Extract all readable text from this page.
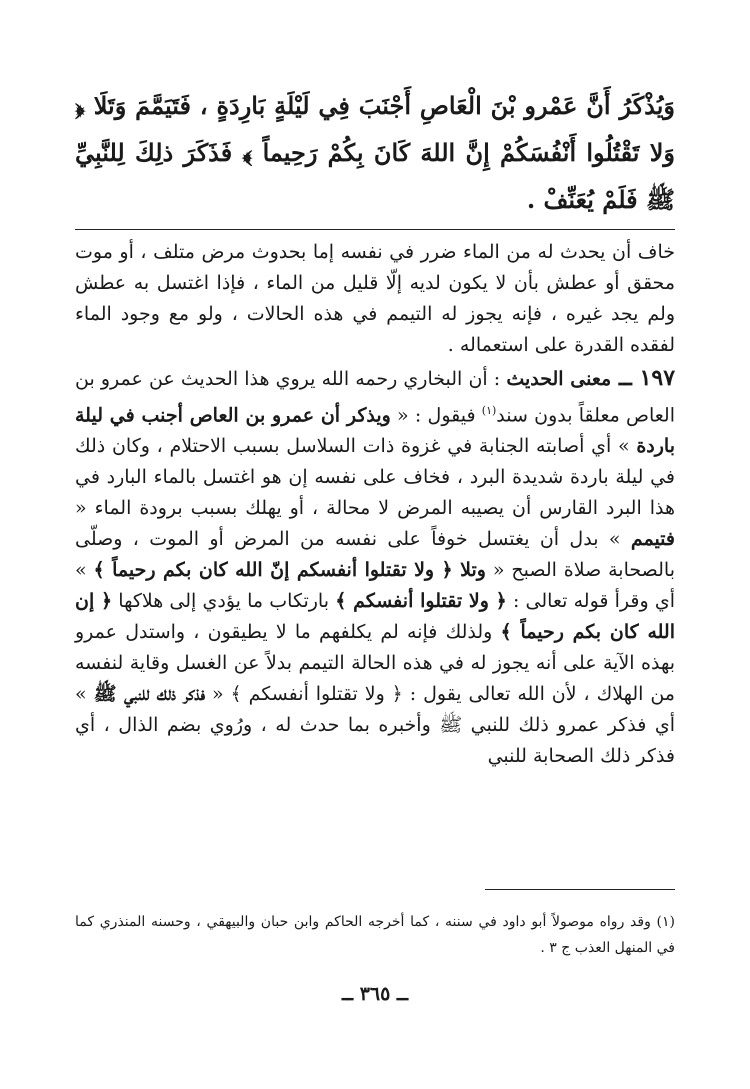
وَيُذْكَرُ أَنَّ عَمْرو بْنَ الْعَاصِ أَجْنَبَ فِي لَيْلَةٍ بَارِدَةٍ ، فَتَيَمَّمَ وَتَلَا ﴿ وَلا تَقْتُلُوا أَنْفُسَكُمْ إِنَّ اللهَ كَانَ بِكُمْ رَحِيماً ﴾ فَذَكَرَ ذلِكَ لِلنَّبِيِّ ﷺ فَلَمْ يُعَنِّفْ .

خاف أن يحدث له من الماء ضرر في نفسه إما بحدوث مرض متلف ، أو موت محقق أو عطش بأن لا يكون لديه إلّا قليل من الماء ، فإذا اغتسل به عطش ولم يجد غيره ، فإنه يجوز له التيمم في هذه الحالات ، ولو مع وجود الماء لفقده القدرة على استعماله .

١٩٧ ــ معنى الحديث : أن البخاري رحمه الله يروي هذا الحديث عن عمرو بن العاص معلقاً بدون سند$^{(١)}$ فيقول : « ويذكر أن عمرو بن العاص أجنب في ليلة باردة » أي أصابته الجنابة في غزوة ذات السلاسل بسبب الاحتلام ، وكان ذلك في ليلة باردة شديدة البرد ، فخاف على نفسه إن هو اغتسل بالماء البارد في هذا البرد القارس أن يصيبه المرض لا محالة ، أو يهلك بسبب برودة الماء « فتيمم » بدل أن يغتسل خوفاً على نفسه من المرض أو الموت ، وصلّى بالصحابة صلاة الصبح « وتلا ﴿ ولا تقتلوا أنفسكم إنّ الله كان بكم رحيماً ﴾ » أي وقرأ قوله تعالى : ﴿ ولا تقتلوا أنفسكم ﴾ بارتكاب ما يؤدي إلى هلاكها ﴿ إن الله كان بكم رحيماً ﴾ ولذلك فإنه لم يكلفهم ما لا يطيقون ، واستدل عمرو بهذه الآية على أنه يجوز له في هذه الحالة التيمم بدلاً عن الغسل وقاية لنفسه من الهلاك ، لأن الله تعالى يقول : ﴿ ولا تقتلوا أنفسكم ﴾ « فذكر ذلك للنبي ﷺ » أي فذكر عمرو ذلك للنبي ﷺ وأخبره بما حدث له ، ورُوي بضم الذال ، أي فذكر ذلك الصحابة للنبي

(١) وقد رواه موصولاً أبو داود في سننه ، كما أخرجه الحاكم وابن حبان والبيهقي ، وحسنه المنذري كما في المنهل العذب ج ٣ .
ــ ٣٦٥ ــ
